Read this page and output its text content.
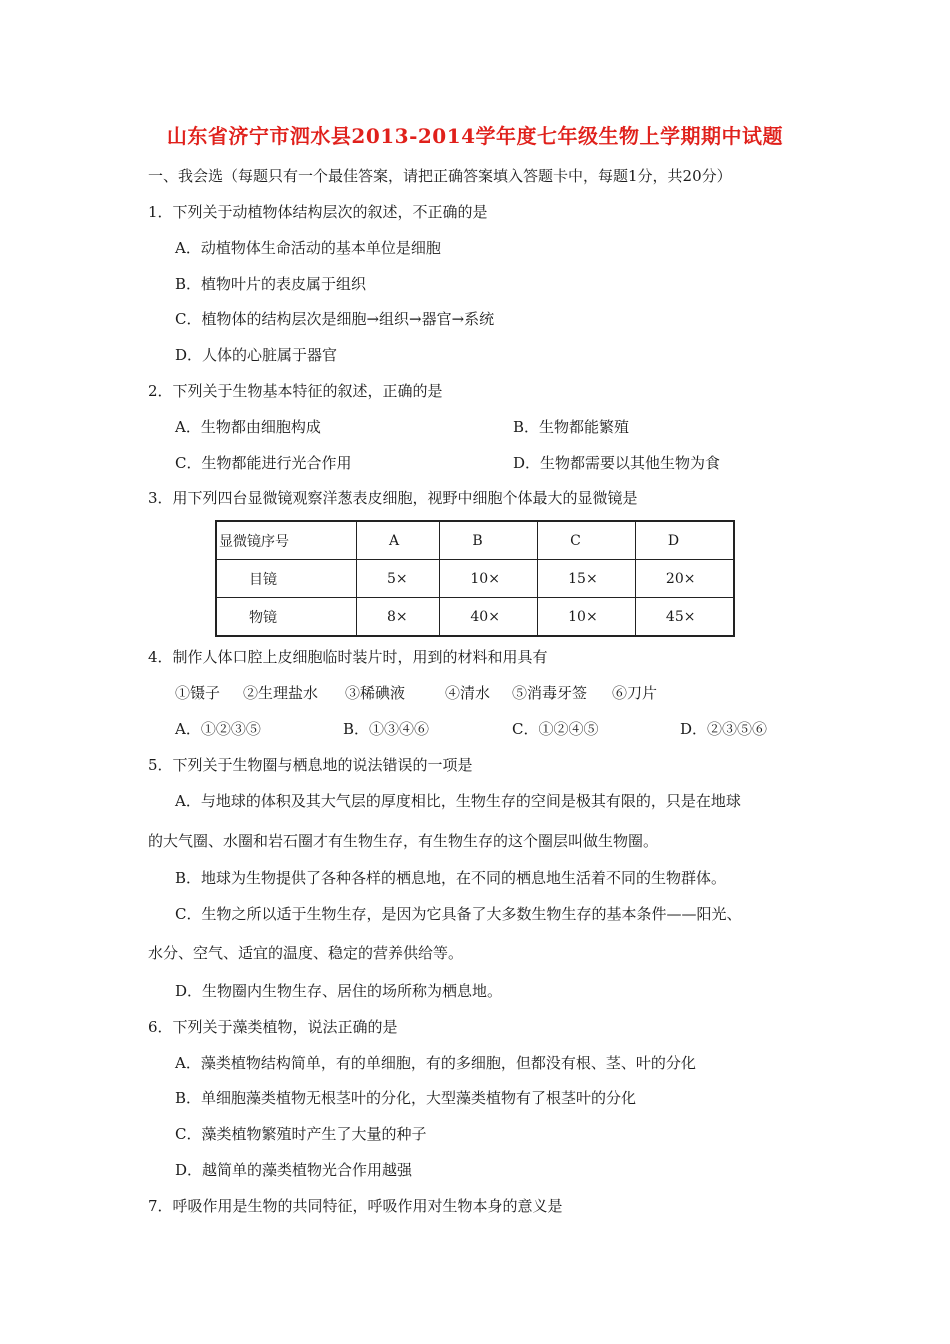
山东省济宁市泗水县2013-2014学年度七年级生物上学期期中试题
一、我会选（每题只有一个最佳答案，请把正确答案填入答题卡中，每题1分，共20分）
1．下列关于动植物体结构层次的叙述，不正确的是
A．动植物体生命活动的基本单位是细胞
B．植物叶片的表皮属于组织
C．植物体的结构层次是细胞→组织→器官→系统
D．人体的心脏属于器官
2．下列关于生物基本特征的叙述，正确的是
A．生物都由细胞构成	B．生物都能繁殖
C．生物都能进行光合作用	D．生物都需要以其他生物为食
3．用下列四台显微镜观察洋葱表皮细胞，视野中细胞个体最大的显微镜是
显微镜序号	A	B	C	D
目镜	5×	10×	15×	20×
物镜	8×	40×	10×	45×
4．制作人体口腔上皮细胞临时装片时，用到的材料和用具有
①镊子 ②生理盐水 ③稀碘液	④清水 ⑤消毒牙签 ⑥刀片
A．①②③⑤	B．①③④⑥	C．①②④⑤	D．②③⑤⑥
5．下列关于生物圈与栖息地的说法错误的一项是
A．与地球的体积及其大气层的厚度相比，生物生存的空间是极其有限的，只是在地球
的大气圈、水圈和岩石圈才有生物生存，有生物生存的这个圈层叫做生物圈。
B．地球为生物提供了各种各样的栖息地，在不同的栖息地生活着不同的生物群体。
C．生物之所以适于生物生存，是因为它具备了大多数生物生存的基本条件——阳光、
水分、空气、适宜的温度、稳定的营养供给等。
D．生物圈内生物生存、居住的场所称为栖息地。
6．下列关于藻类植物，说法正确的是
A．藻类植物结构简单，有的单细胞，有的多细胞，但都没有根、茎、叶的分化
B．单细胞藻类植物无根茎叶的分化，大型藻类植物有了根茎叶的分化
C．藻类植物繁殖时产生了大量的种子
D．越简单的藻类植物光合作用越强
7．呼吸作用是生物的共同特征，呼吸作用对生物本身的意义是
